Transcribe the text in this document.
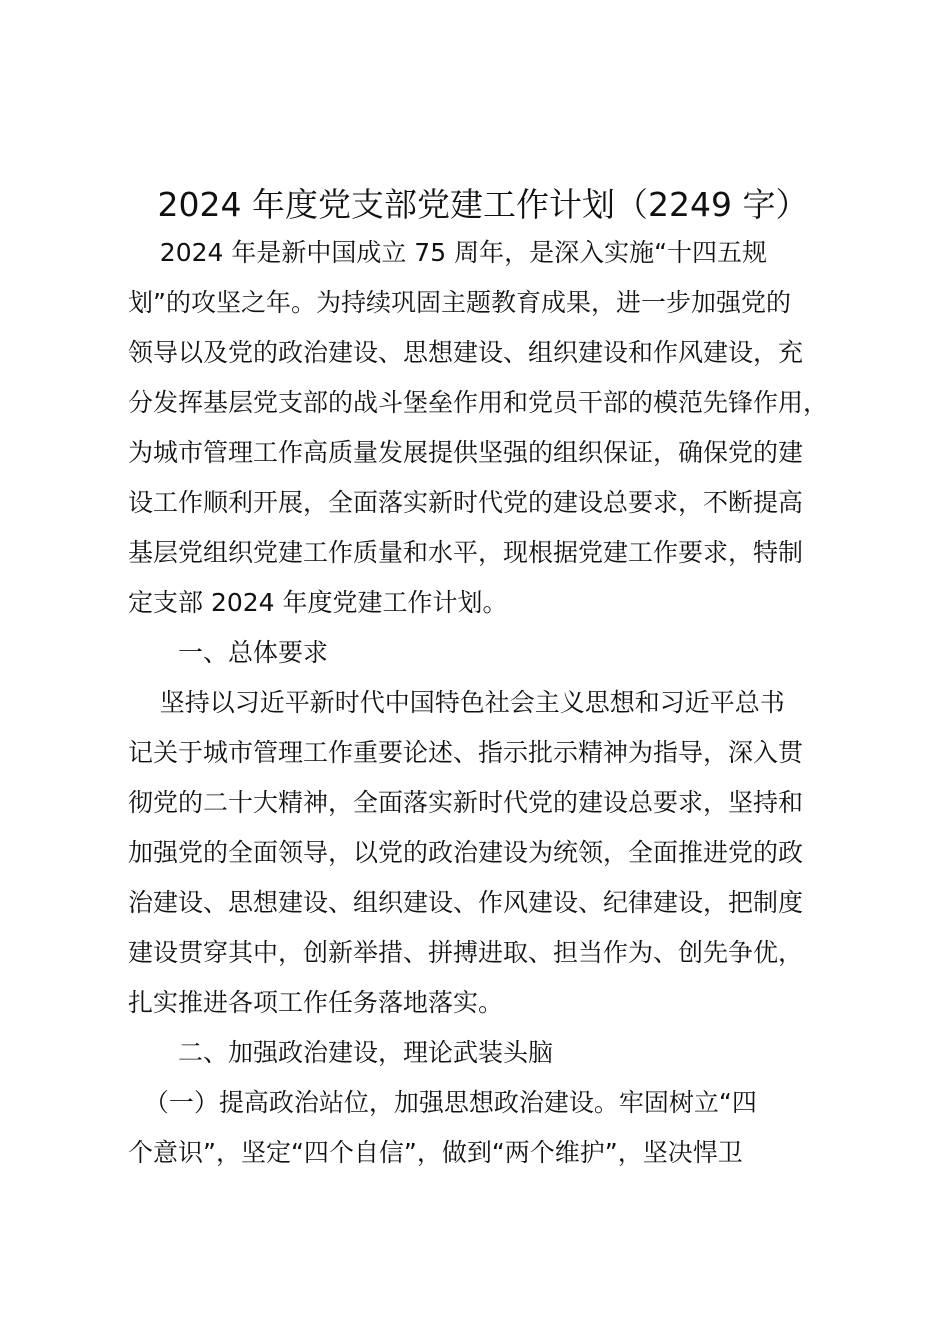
2024 年度党支部党建工作计划（2249 字）
2024 年是新中国成立 75 周年，是深入实施“十四五规
划”的攻坚之年。为持续巩固主题教育成果，进一步加强党的
领导以及党的政治建设、思想建设、组织建设和作风建设，充
分发挥基层党支部的战斗堡垒作用和党员干部的模范先锋作用，
为城市管理工作高质量发展提供坚强的组织保证，确保党的建
设工作顺利开展，全面落实新时代党的建设总要求，不断提高
基层党组织党建工作质量和水平，现根据党建工作要求，特制
定支部 2024 年度党建工作计划。
一、总体要求
坚持以习近平新时代中国特色社会主义思想和习近平总书
记关于城市管理工作重要论述、指示批示精神为指导，深入贯
彻党的二十大精神，全面落实新时代党的建设总要求，坚持和
加强党的全面领导，以党的政治建设为统领，全面推进党的政
治建设、思想建设、组织建设、作风建设、纪律建设，把制度
建设贯穿其中，创新举措、拼搏进取、担当作为、创先争优，
扎实推进各项工作任务落地落实。
二、加强政治建设，理论武装头脑
（一）提高政治站位，加强思想政治建设。牢固树立“四
个意识”，坚定“四个自信”，做到“两个维护”，坚决悍卫
